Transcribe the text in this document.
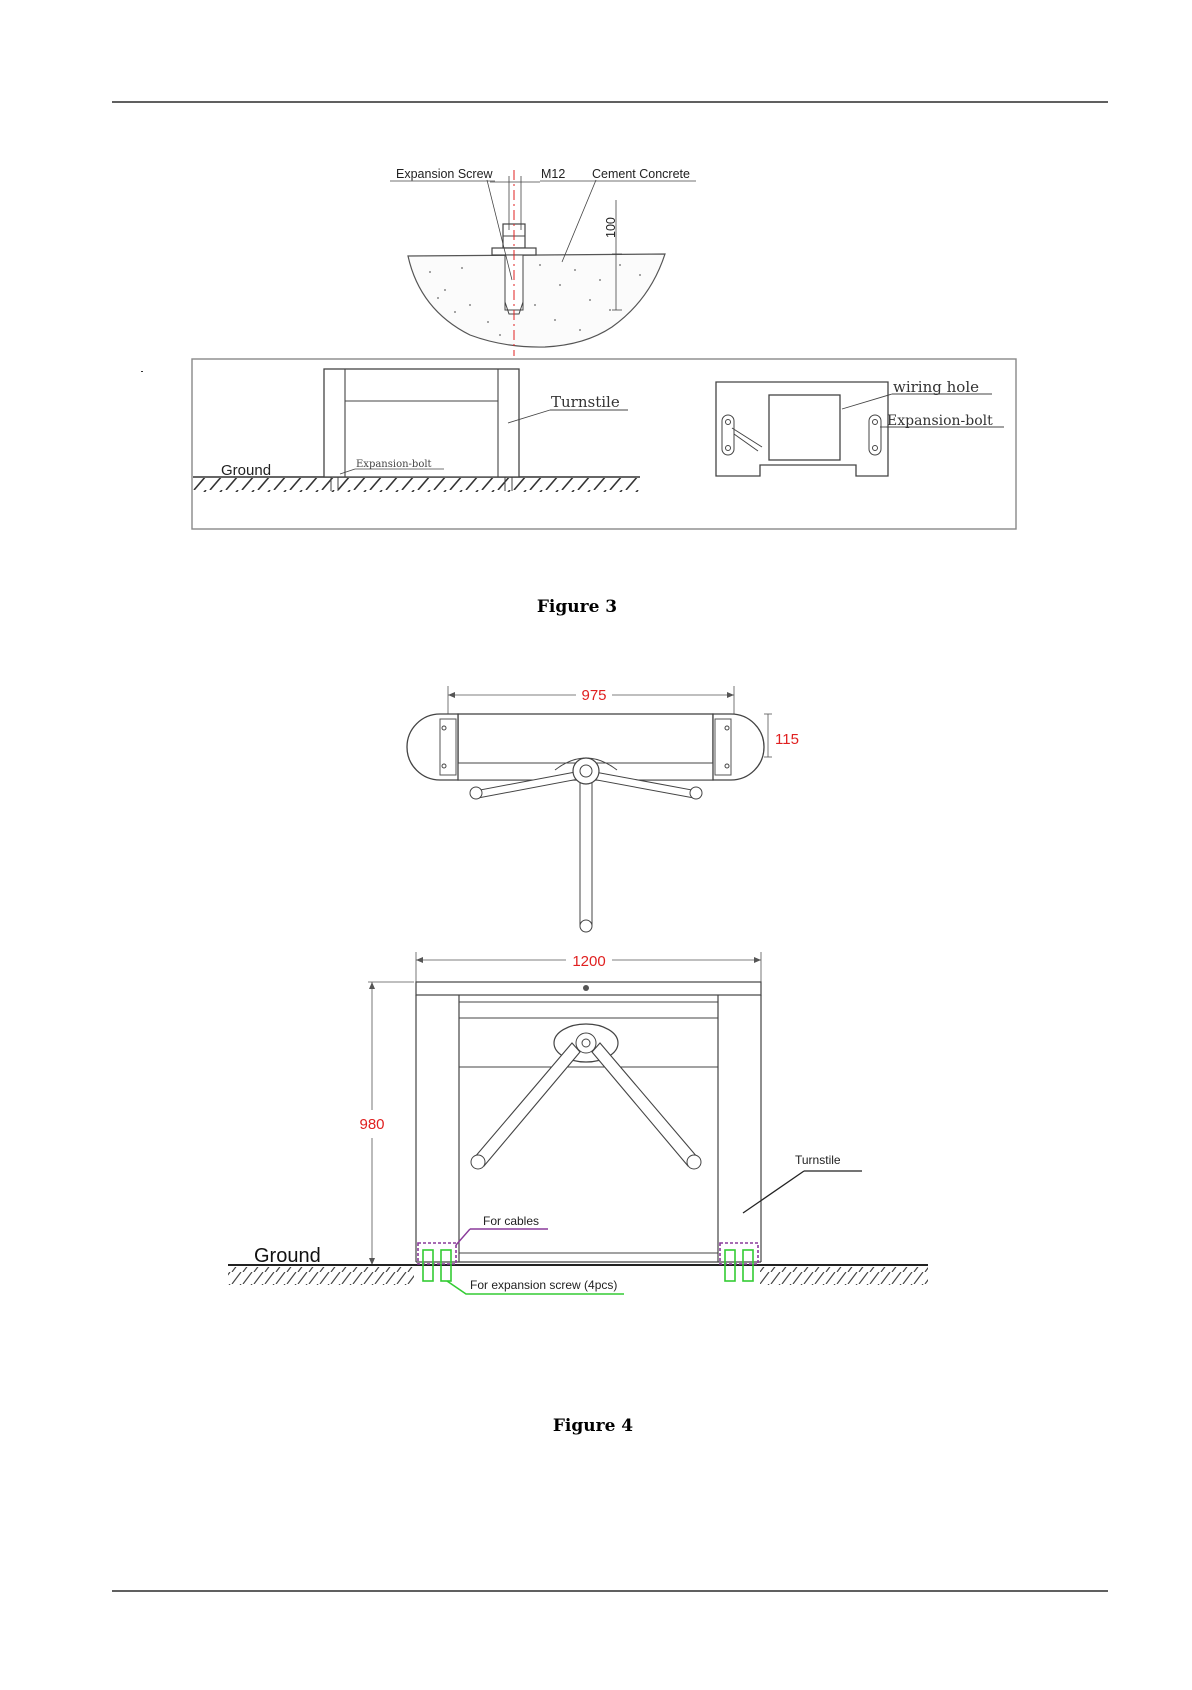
Expansion Screw	M12 Cement Concrete
100
Turnstile
Ground	Expansion-bolt
wiring hole
Expansion-bolt
Figure 3
975
115
1200
980
Ground
Turnstile
For cables
For expansion screw (4pcs)
Figure 4
